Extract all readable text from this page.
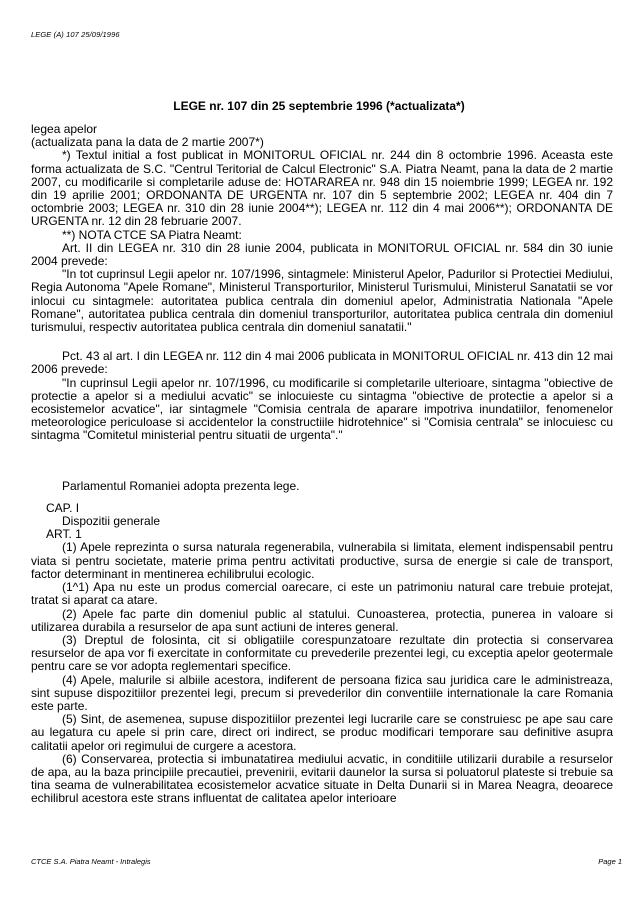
LEGE (A) 107 25/09/1996
LEGE nr. 107 din 25 septembrie 1996 (*actualizata*)

legea apelor

(actualizata pana la data de 2 martie 2007*)

*) Textul initial a fost publicat in MONITORUL OFICIAL nr. 244 din 8 octombrie 1996. Aceasta este forma actualizata de S.C. "Centrul Teritorial de Calcul Electronic" S.A. Piatra Neamt, pana la data de 2 martie 2007, cu modificarile si completarile aduse de: HOTARAREA nr. 948 din 15 noiembrie 1999; LEGEA nr. 192 din 19 aprilie 2001; ORDONANTA DE URGENTA nr. 107 din 5 septembrie 2002; LEGEA nr. 404 din 7 octombrie 2003; LEGEA nr. 310 din 28 iunie 2004**); LEGEA nr. 112 din 4 mai 2006**); ORDONANTA DE URGENTA nr. 12 din 28 februarie 2007.

**) NOTA CTCE SA Piatra Neamt:

Art. II din LEGEA nr. 310 din 28 iunie 2004, publicata in MONITORUL OFICIAL nr. 584 din 30 iunie 2004 prevede:

"In tot cuprinsul Legii apelor nr. 107/1996, sintagmele: Ministerul Apelor, Padurilor si Protectiei Mediului, Regia Autonoma "Apele Romane", Ministerul Transporturilor, Ministerul Turismului, Ministerul Sanatatii se vor inlocui cu sintagmele: autoritatea publica centrala din domeniul apelor, Administratia Nationala "Apele Romane", autoritatea publica centrala din domeniul transporturilor, autoritatea publica centrala din domeniul turismului, respectiv autoritatea publica centrala din domeniul sanatatii."

Pct. 43 al art. I din LEGEA nr. 112 din 4 mai 2006 publicata in MONITORUL OFICIAL nr. 413 din 12 mai 2006 prevede:

"In cuprinsul Legii apelor nr. 107/1996, cu modificarile si completarile ulterioare, sintagma "obiective de protectie a apelor si a mediului acvatic" se inlocuieste cu sintagma "obiective de protectie a apelor si a ecosistemelor acvatice", iar sintagmele "Comisia centrala de aparare impotriva inundatiilor, fenomenelor meteorologice periculoase si accidentelor la constructiile hidrotehnice" si "Comisia centrala" se inlocuiesc cu sintagma "Comitetul ministerial pentru situatii de urgenta"."

Parlamentul Romaniei adopta prezenta lege.

CAP. I

Dispozitii generale

ART. 1

(1) Apele reprezinta o sursa naturala regenerabila, vulnerabila si limitata, element indispensabil pentru viata si pentru societate, materie prima pentru activitati productive, sursa de energie si cale de transport, factor determinant in mentinerea echilibrului ecologic.

(1^1) Apa nu este un produs comercial oarecare, ci este un patrimoniu natural care trebuie protejat, tratat si aparat ca atare.

(2) Apele fac parte din domeniul public al statului. Cunoasterea, protectia, punerea in valoare si utilizarea durabila a resurselor de apa sunt actiuni de interes general.

(3) Dreptul de folosinta, cit si obligatiile corespunzatoare rezultate din protectia si conservarea resurselor de apa vor fi exercitate in conformitate cu prevederile prezentei legi, cu exceptia apelor geotermale pentru care se vor adopta reglementari specifice.

(4) Apele, malurile si albiile acestora, indiferent de persoana fizica sau juridica care le administreaza, sint supuse dispozitiilor prezentei legi, precum si prevederilor din conventiile internationale la care Romania este parte.

(5) Sint, de asemenea, supuse dispozitiilor prezentei legi lucrarile care se construiesc pe ape sau care au legatura cu apele si prin care, direct ori indirect, se produc modificari temporare sau definitive asupra calitatii apelor ori regimului de curgere a acestora.

(6) Conservarea, protectia si imbunatatirea mediului acvatic, in conditiile utilizarii durabile a resurselor de apa, au la baza principiile precautiei, prevenirii, evitarii daunelor la sursa si poluatorul plateste si trebuie sa tina seama de vulnerabilitatea ecosistemelor acvatice situate in Delta Dunarii si in Marea Neagra, deoarece echilibrul acestora este strans influentat de calitatea apelor interioare

CTCE S.A. Piatra Neamt - Intralegis	Page 1
